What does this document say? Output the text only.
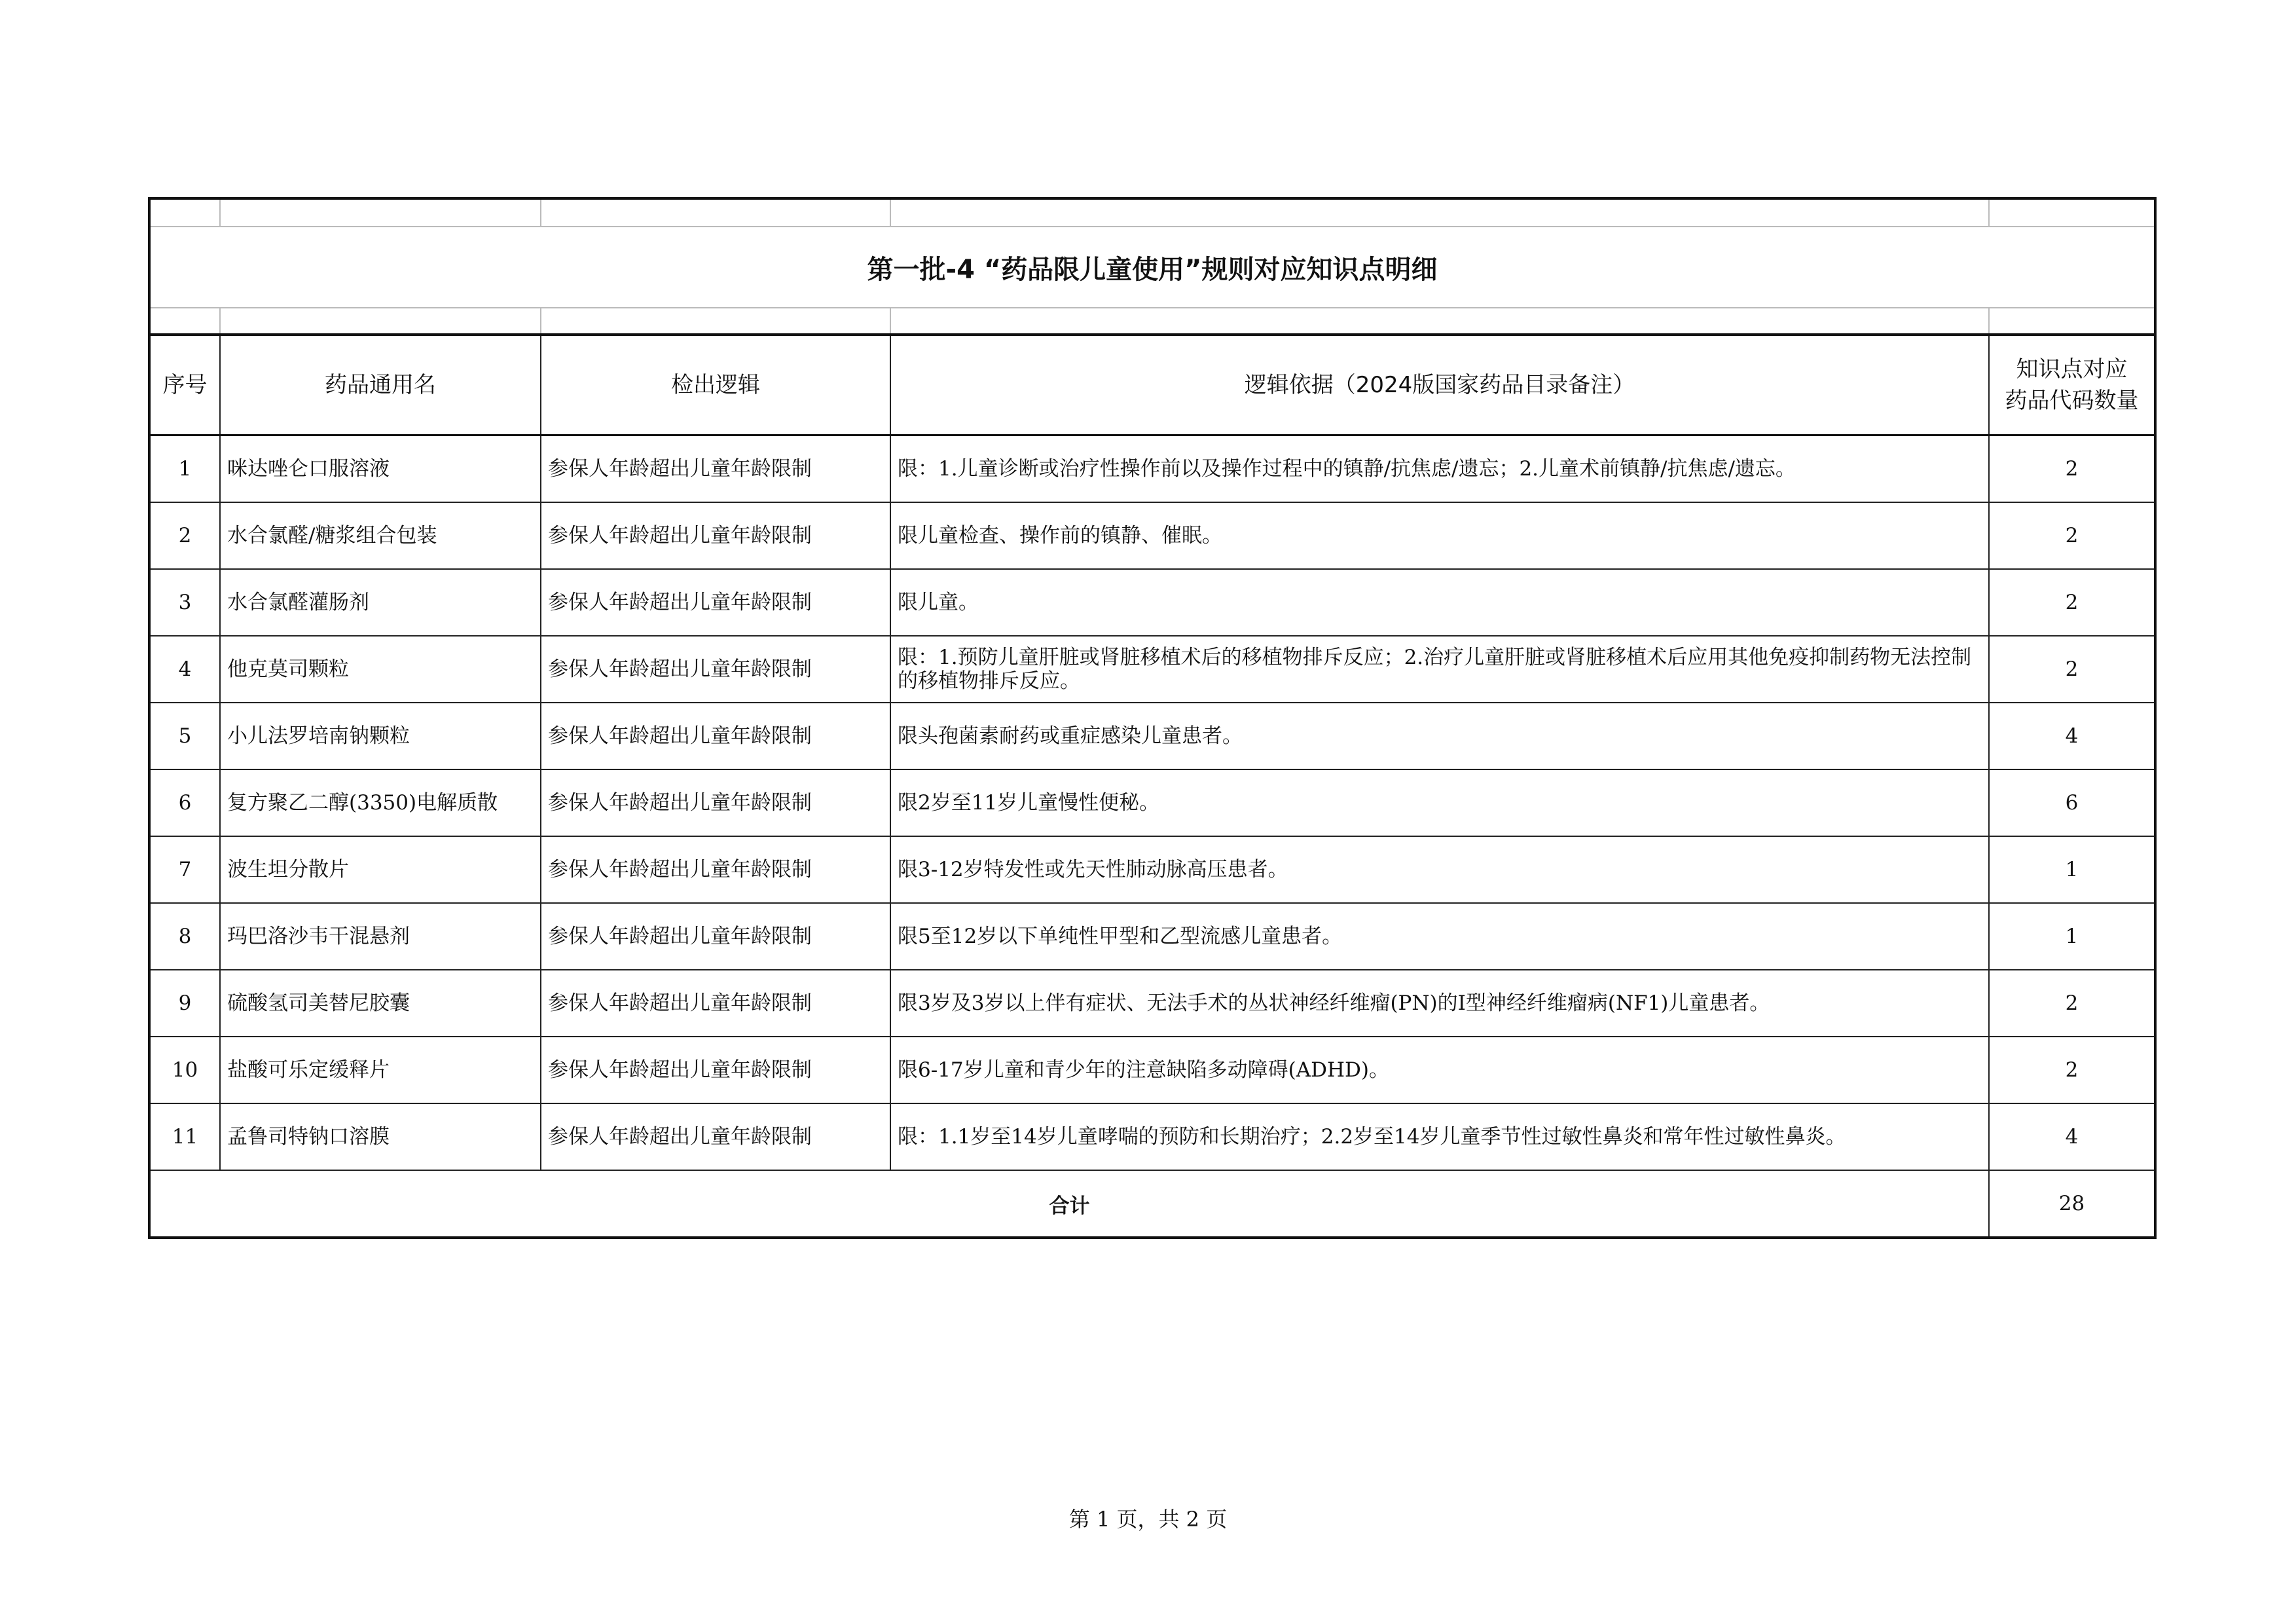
第一批-4 “药品限儿童使用”规则对应知识点明细				

序号	药品通用名	检出逻辑	逻辑依据（2024版国家药品目录备注）	知识点对应
药品代码数量

1	咪达唑仑口服溶液	参保人年龄超出儿童年龄限制	限：1.儿童诊断或治疗性操作前以及操作过程中的镇静/抗焦虑/遗忘；2.儿童术前镇静/抗焦虑/遗忘。	2
2	水合氯醛/糖浆组合包装	参保人年龄超出儿童年龄限制	限儿童检查、操作前的镇静、催眠。	2
3	水合氯醛灌肠剂	参保人年龄超出儿童年龄限制	限儿童。	2
4	他克莫司颗粒	参保人年龄超出儿童年龄限制	限：1.预防儿童肝脏或肾脏移植术后的移植物排斥反应；2.治疗儿童肝脏或肾脏移植术后应用其他免疫抑制药物无法控制的移植物排斥反应。	2
5	小儿法罗培南钠颗粒	参保人年龄超出儿童年龄限制	限头孢菌素耐药或重症感染儿童患者。	4
6	复方聚乙二醇(3350)电解质散	参保人年龄超出儿童年龄限制	限2岁至11岁儿童慢性便秘。	6
7	波生坦分散片	参保人年龄超出儿童年龄限制	限3-12岁特发性或先天性肺动脉高压患者。	1
8	玛巴洛沙韦干混悬剂	参保人年龄超出儿童年龄限制	限5至12岁以下单纯性甲型和乙型流感儿童患者。	1
9	硫酸氢司美替尼胶囊	参保人年龄超出儿童年龄限制	限3岁及3岁以上伴有症状、无法手术的丛状神经纤维瘤(PN)的I型神经纤维瘤病(NF1)儿童患者。	2
10	盐酸可乐定缓释片	参保人年龄超出儿童年龄限制	限6-17岁儿童和青少年的注意缺陷多动障碍(ADHD)。	2
11	孟鲁司特钠口溶膜	参保人年龄超出儿童年龄限制	限：1.1岁至14岁儿童哮喘的预防和长期治疗；2.2岁至14岁儿童季节性过敏性鼻炎和常年性过敏性鼻炎。	4
合计				28
第 1 页，共 2 页
